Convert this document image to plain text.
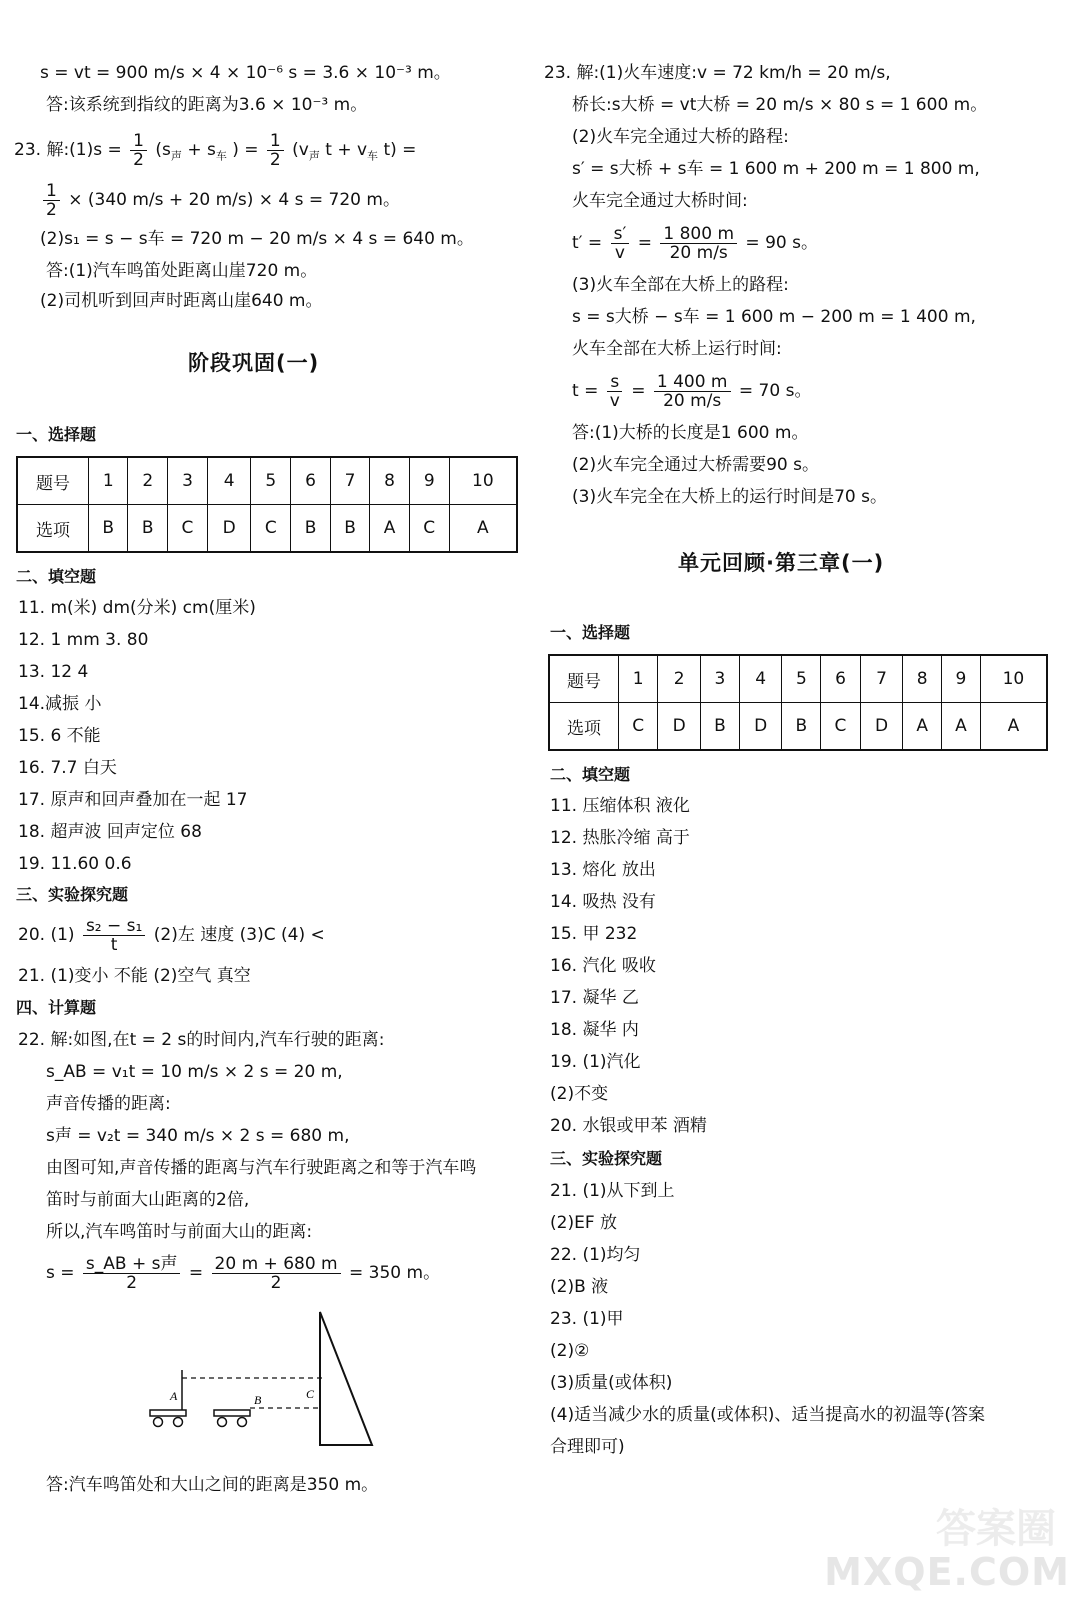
s = vt = 900 m/s × 4 × 10⁻⁶ s = 3.6 × 10⁻³ m。
答:该系统到指纹的距离为3.6 × 10⁻³ m。
23. 解:(1)s = $\frac{1}{2} (s_声 + s_车$ ) = $\frac{1}{2} (v_声$ $t + v_车$ t) =
$\frac{1}{2} \times (340$ m/s + 20 m/s) × 4 s = 720 m。
(2)s₁ = s − s车 = 720 m − 20 m/s × 4 s = 640 m。
答:(1)汽车鸣笛处距离山崖720 m。
(2)司机听到回声时距离山崖640 m。
阶段巩固(一)
一、选择题
题号	1	2	3	4	5	6	7	8	9	10
选项	B	B	C	D	C	B	B	A	C	A
二、填空题
11. m(米) dm(分米) cm(厘米)
12. 1 mm 3. 80
13. 12 4
14.减振 小
15. 6 不能
16. 7.7 白天
17. 原声和回声叠加在一起 17
18. 超声波 回声定位 68
19. 11.60 0.6
三、实验探究题
20. $(1) \frac{\text{s₂ − s₁}}{t} (2)$左 速度 (3)C (4) <
21. (1)变小 不能 (2)空气 真空
四、计算题
22. 解:如图,在t = 2 s的时间内,汽车行驶的距离:
s_AB = v₁t = 10 m/s × 2 s = 20 m,
声音传播的距离:
s声 = v₂t = 340 m/s × 2 s = 680 m,
由图可知,声音传播的距离与汽车行驶距离之和等于汽车鸣
笛时与前面大山距离的2倍,
所以,汽车鸣笛时与前面大山的距离:
$s = \frac{\text{s\_AB + s声}}{2} = \frac{20 m + 680 m}{2} = 350$ m。
A	B	C
答:汽车鸣笛处和大山之间的距离是350 m。
23. 解:(1)火车速度:v = 72 km/h = 20 m/s,
桥长:s大桥 = vt大桥 = 20 m/s × 80 s = 1 600 m。
(2)火车完全通过大桥的路程:
s′ = s大桥 + s车 = 1 600 m + 200 m = 1 800 m,
火车完全通过大桥时间:
$t' = \frac{s'}{v} = \frac{1 800 m}{20 m/s} = 90$ s。
(3)火车全部在大桥上的路程:
s = s大桥 − s车 = 1 600 m − 200 m = 1 400 m,
火车全部在大桥上运行时间:
$t = \frac{s}{v} = \frac{1 400 m}{20 m/s} = 70$ s。
答:(1)大桥的长度是1 600 m。
(2)火车完全通过大桥需要90 s。
(3)火车完全在大桥上的运行时间是70 s。
单元回顾·第三章(一)
一、选择题
题号	1	2	3	4	5	6	7	8	9	10
选项	C	D	B	D	B	C	D	A	A	A
二、填空题
11. 压缩体积 液化
12. 热胀冷缩 高于
13. 熔化 放出
14. 吸热 没有
15. 甲 232
16. 汽化 吸收
17. 凝华 乙
18. 凝华 内
19. (1)汽化
(2)不变
20. 水银或甲苯 酒精
三、实验探究题
21. (1)从下到上
(2)EF 放
22. (1)均匀
(2)B 液
23. (1)甲
(2)②
(3)质量(或体积)
(4)适当减少水的质量(或体积)、适当提高水的初温等(答案
合理即可)
答案圈
MXQE.COM
